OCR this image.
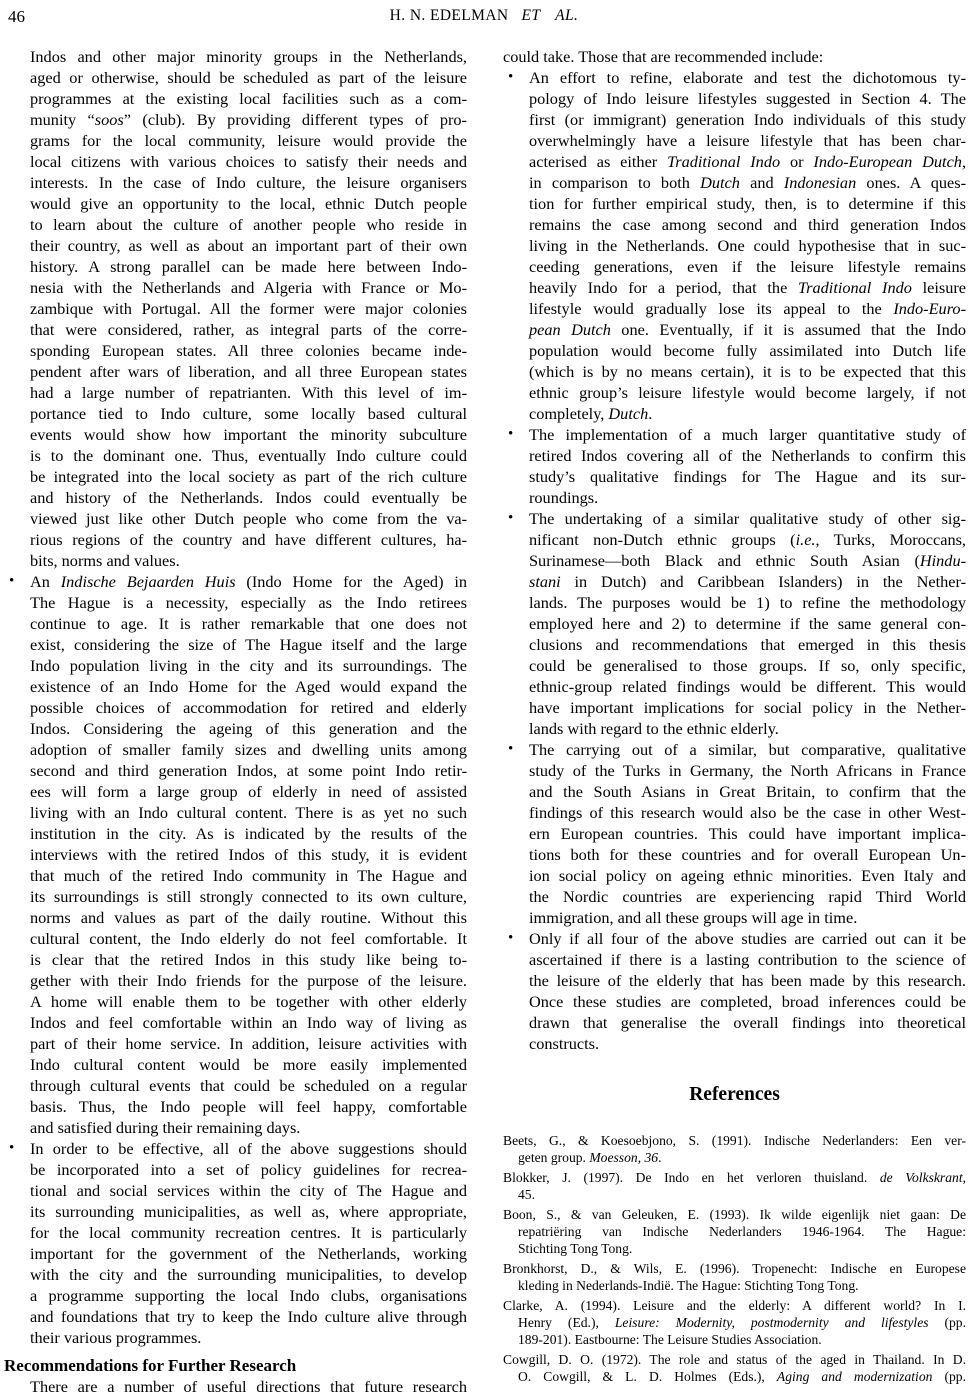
46	H. N. EDELMAN ET AL.
Indos and other major minority groups in the Netherlands,
aged or otherwise, should be scheduled as part of the leisure
programmes at the existing local facilities such as a com-
munity “soos” (club). By providing different types of pro-
grams for the local community, leisure would provide the
local citizens with various choices to satisfy their needs and
interests. In the case of Indo culture, the leisure organisers
would give an opportunity to the local, ethnic Dutch people
to learn about the culture of another people who reside in
their country, as well as about an important part of their own
history. A strong parallel can be made here between Indo-
nesia with the Netherlands and Algeria with France or Mo-
zambique with Portugal. All the former were major colonies
that were considered, rather, as integral parts of the corre-
sponding European states. All three colonies became inde-
pendent after wars of liberation, and all three European states
had a large number of repatrianten. With this level of im-
portance tied to Indo culture, some locally based cultural
events would show how important the minority subculture
is to the dominant one. Thus, eventually Indo culture could
be integrated into the local society as part of the rich culture
and history of the Netherlands. Indos could eventually be
viewed just like other Dutch people who come from the va-
rious regions of the country and have different cultures, ha-
bits, norms and values.
• An Indische Bejaarden Huis (Indo Home for the Aged) in
The Hague is a necessity, especially as the Indo retirees
continue to age. It is rather remarkable that one does not
exist, considering the size of The Hague itself and the large
Indo population living in the city and its surroundings. The
existence of an Indo Home for the Aged would expand the
possible choices of accommodation for retired and elderly
Indos. Considering the ageing of this generation and the
adoption of smaller family sizes and dwelling units among
second and third generation Indos, at some point Indo retir-
ees will form a large group of elderly in need of assisted
living with an Indo cultural content. There is as yet no such
institution in the city. As is indicated by the results of the
interviews with the retired Indos of this study, it is evident
that much of the retired Indo community in The Hague and
its surroundings is still strongly connected to its own culture,
norms and values as part of the daily routine. Without this
cultural content, the Indo elderly do not feel comfortable. It
is clear that the retired Indos in this study like being to-
gether with their Indo friends for the purpose of the leisure.
A home will enable them to be together with other elderly
Indos and feel comfortable within an Indo way of living as
part of their home service. In addition, leisure activities with
Indo cultural content would be more easily implemented
through cultural events that could be scheduled on a regular
basis. Thus, the Indo people will feel happy, comfortable
and satisfied during their remaining days.
• In order to be effective, all of the above suggestions should
be incorporated into a set of policy guidelines for recrea-
tional and social services within the city of The Hague and
its surrounding municipalities, as well as, where appropriate,
for the local community recreation centres. It is particularly
important for the government of the Netherlands, working
with the city and the surrounding municipalities, to develop
a programme supporting the local Indo clubs, organisations
and foundations that try to keep the Indo culture alive through
their various programmes.
Recommendations for Further Research
There are a number of useful directions that future research
could take. Those that are recommended include:
• An effort to refine, elaborate and test the dichotomous ty-
pology of Indo leisure lifestyles suggested in Section 4. The
first (or immigrant) generation Indo individuals of this study
overwhelmingly have a leisure lifestyle that has been char-
acterised as either Traditional Indo or Indo-European Dutch,
in comparison to both Dutch and Indonesian ones. A ques-
tion for further empirical study, then, is to determine if this
remains the case among second and third generation Indos
living in the Netherlands. One could hypothesise that in suc-
ceeding generations, even if the leisure lifestyle remains
heavily Indo for a period, that the Traditional Indo leisure
lifestyle would gradually lose its appeal to the Indo-Euro-
pean Dutch one. Eventually, if it is assumed that the Indo
population would become fully assimilated into Dutch life
(which is by no means certain), it is to be expected that this
ethnic group’s leisure lifestyle would become largely, if not
completely, Dutch.
• The implementation of a much larger quantitative study of
retired Indos covering all of the Netherlands to confirm this
study’s qualitative findings for The Hague and its sur-
roundings.
• The undertaking of a similar qualitative study of other sig-
nificant non-Dutch ethnic groups (i.e., Turks, Moroccans,
Surinamese—both Black and ethnic South Asian (Hindu-
stani in Dutch) and Caribbean Islanders) in the Nether-
lands. The purposes would be 1) to refine the methodology
employed here and 2) to determine if the same general con-
clusions and recommendations that emerged in this thesis
could be generalised to those groups. If so, only specific,
ethnic-group related findings would be different. This would
have important implications for social policy in the Nether-
lands with regard to the ethnic elderly.
• The carrying out of a similar, but comparative, qualitative
study of the Turks in Germany, the North Africans in France
and the South Asians in Great Britain, to confirm that the
findings of this research would also be the case in other West-
ern European countries. This could have important implica-
tions both for these countries and for overall European Un-
ion social policy on ageing ethnic minorities. Even Italy and
the Nordic countries are experiencing rapid Third World
immigration, and all these groups will age in time.
• Only if all four of the above studies are carried out can it be
ascertained if there is a lasting contribution to the science of
the leisure of the elderly that has been made by this research.
Once these studies are completed, broad inferences could be
drawn that generalise the overall findings into theoretical
constructs.
References
Beets, G., & Koesoebjono, S. (1991). Indische Nederlanders: Een ver-
geten group. Moesson, 36.
Blokker, J. (1997). De Indo en het verloren thuisland. de Volkskrant,
45.
Boon, S., & van Geleuken, E. (1993). Ik wilde eigenlijk niet gaan: De
repatriëring van Indische Nederlanders 1946-1964. The Hague:
Stichting Tong Tong.
Bronkhorst, D., & Wils, E. (1996). Tropenecht: Indische en Europese
kleding in Nederlands-Indië. The Hague: Stichting Tong Tong.
Clarke, A. (1994). Leisure and the elderly: A different world? In I.
Henry (Ed.), Leisure: Modernity, postmodernity and lifestyles (pp.
189-201). Eastbourne: The Leisure Studies Association.
Cowgill, D. O. (1972). The role and status of the aged in Thailand. In D.
O. Cowgill, & L. D. Holmes (Eds.), Aging and modernization (pp.
